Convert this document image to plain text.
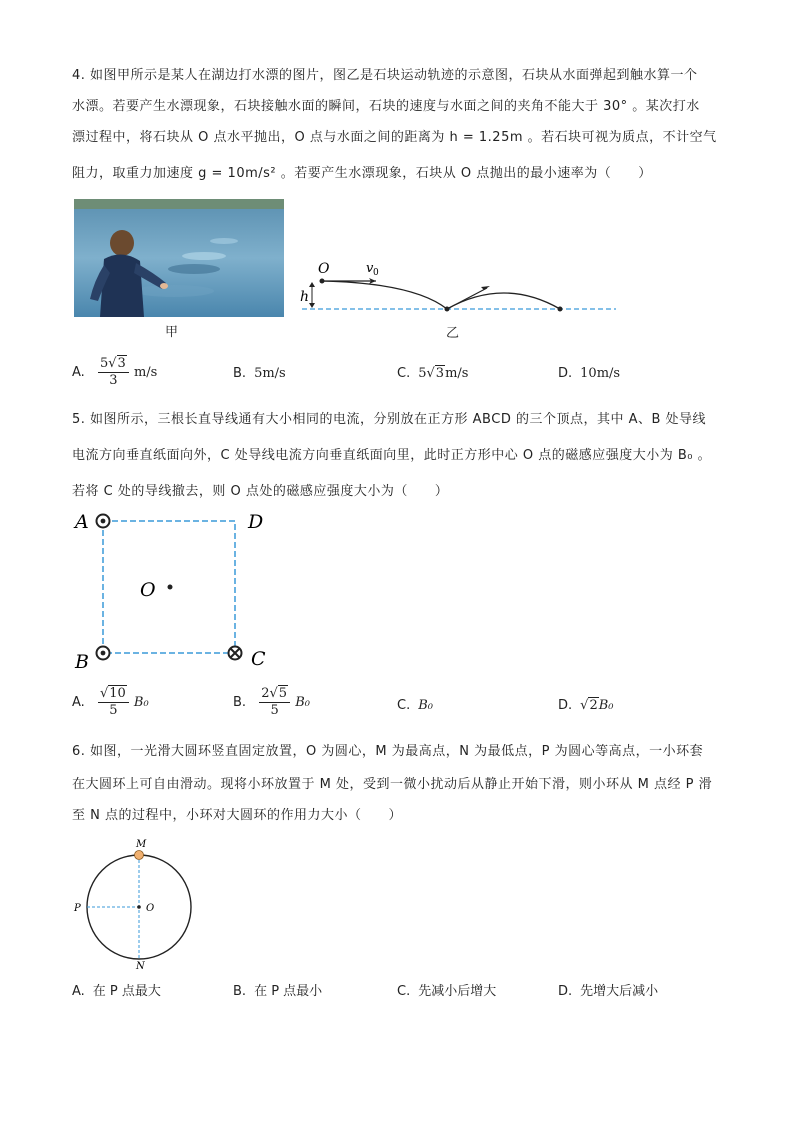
4. 如图甲所示是某人在湖边打水漂的图片，图乙是石块运动轨迹的示意图，石块从水面弹起到触水算一个
水漂。若要产生水漂现象，石块接触水面的瞬间，石块的速度与水面之间的夹角不能大于 30° 。某次打水
漂过程中，将石块从 O 点水平抛出，O 点与水面之间的距离为 h = 1.25m 。若石块可视为质点，不计空气
阻力，取重力加速度 g = 10m/s² 。若要产生水漂现象，石块从 O 点抛出的最小速率为（　　）
甲
O	v 0
h
乙
A. $\frac{5√3}{3} m/s$	B. 5m/s	C. 5√3m/s	D. 10m/s
5. 如图所示，三根长直导线通有大小相同的电流，分别放在正方形 ABCD 的三个顶点，其中 A、B 处导线
电流方向垂直纸面向外，C 处导线电流方向垂直纸面向里，此时正方形中心 O 点的磁感应强度大小为 B₀ 。
若将 C 处的导线撤去，则 O 点处的磁感应强度大小为（　　）
O
A	D
B	C
A. $\frac{√10}{5} B_0$	B. $\frac{2√5}{5} B_0$	C. B₀	D. √2B₀
6. 如图，一光滑大圆环竖直固定放置，O 为圆心，M 为最高点，N 为最低点，P 为圆心等高点，一小环套
在大圆环上可自由滑动。现将小环放置于 M 处，受到一微小扰动后从静止开始下滑，则小环从 M 点经 P 滑
至 N 点的过程中，小环对大圆环的作用力大小（　　）
M
N
P	O
A. 在 P 点最大	B. 在 P 点最小	C. 先减小后增大	D. 先增大后减小
